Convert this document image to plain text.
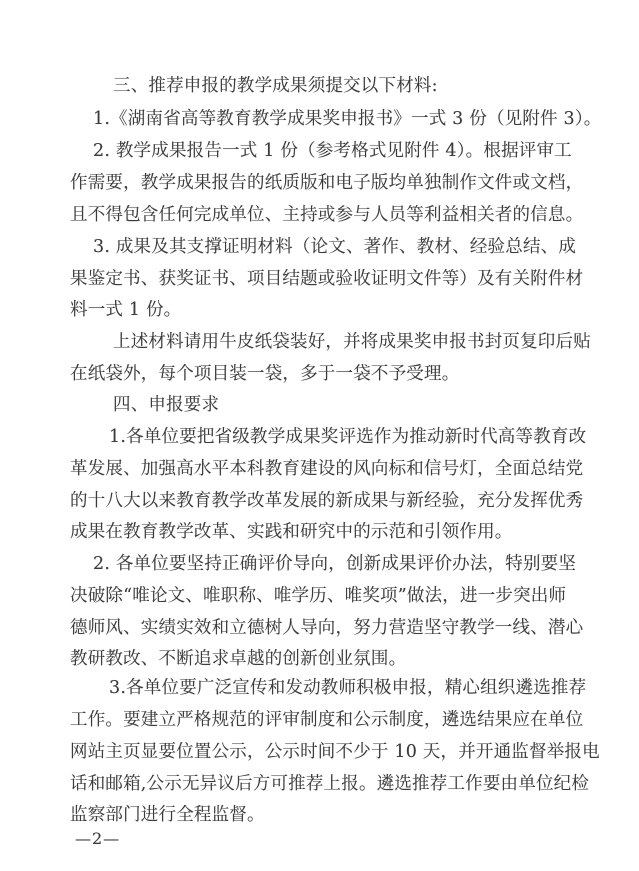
三、推荐申报的教学成果须提交以下材料:
1.《湖南省高等教育教学成果奖申报书》一式 3 份（见附件 3）。
2. 教学成果报告一式 1 份（参考格式见附件 4）。根据评审工
作需要，教学成果报告的纸质版和电子版均单独制作文件或文档，
且不得包含任何完成单位、主持或参与人员等利益相关者的信息。
3. 成果及其支撑证明材料（论文、著作、教材、经验总结、成
果鉴定书、获奖证书、项目结题或验收证明文件等）及有关附件材
料一式 1 份。
上述材料请用牛皮纸袋装好，并将成果奖申报书封页复印后贴
在纸袋外，每个项目装一袋，多于一袋不予受理。
四、申报要求
1.各单位要把省级教学成果奖评选作为推动新时代高等教育改
革发展、加强高水平本科教育建设的风向标和信号灯，全面总结党
的十八大以来教育教学改革发展的新成果与新经验，充分发挥优秀
成果在教育教学改革、实践和研究中的示范和引领作用。
2. 各单位要坚持正确评价导向，创新成果评价办法，特别要坚
决破除“唯论文、唯职称、唯学历、唯奖项”做法，进一步突出师
德师风、实绩实效和立德树人导向，努力营造坚守教学一线、潜心
教研教改、不断追求卓越的创新创业氛围。
3.各单位要广泛宣传和发动教师积极申报，精心组织遴选推荐
工作。要建立严格规范的评审制度和公示制度，遴选结果应在单位
网站主页显要位置公示，公示时间不少于 10 天，并开通监督举报电
话和邮箱,公示无异议后方可推荐上报。遴选推荐工作要由单位纪检
监察部门进行全程监督。
—2—
